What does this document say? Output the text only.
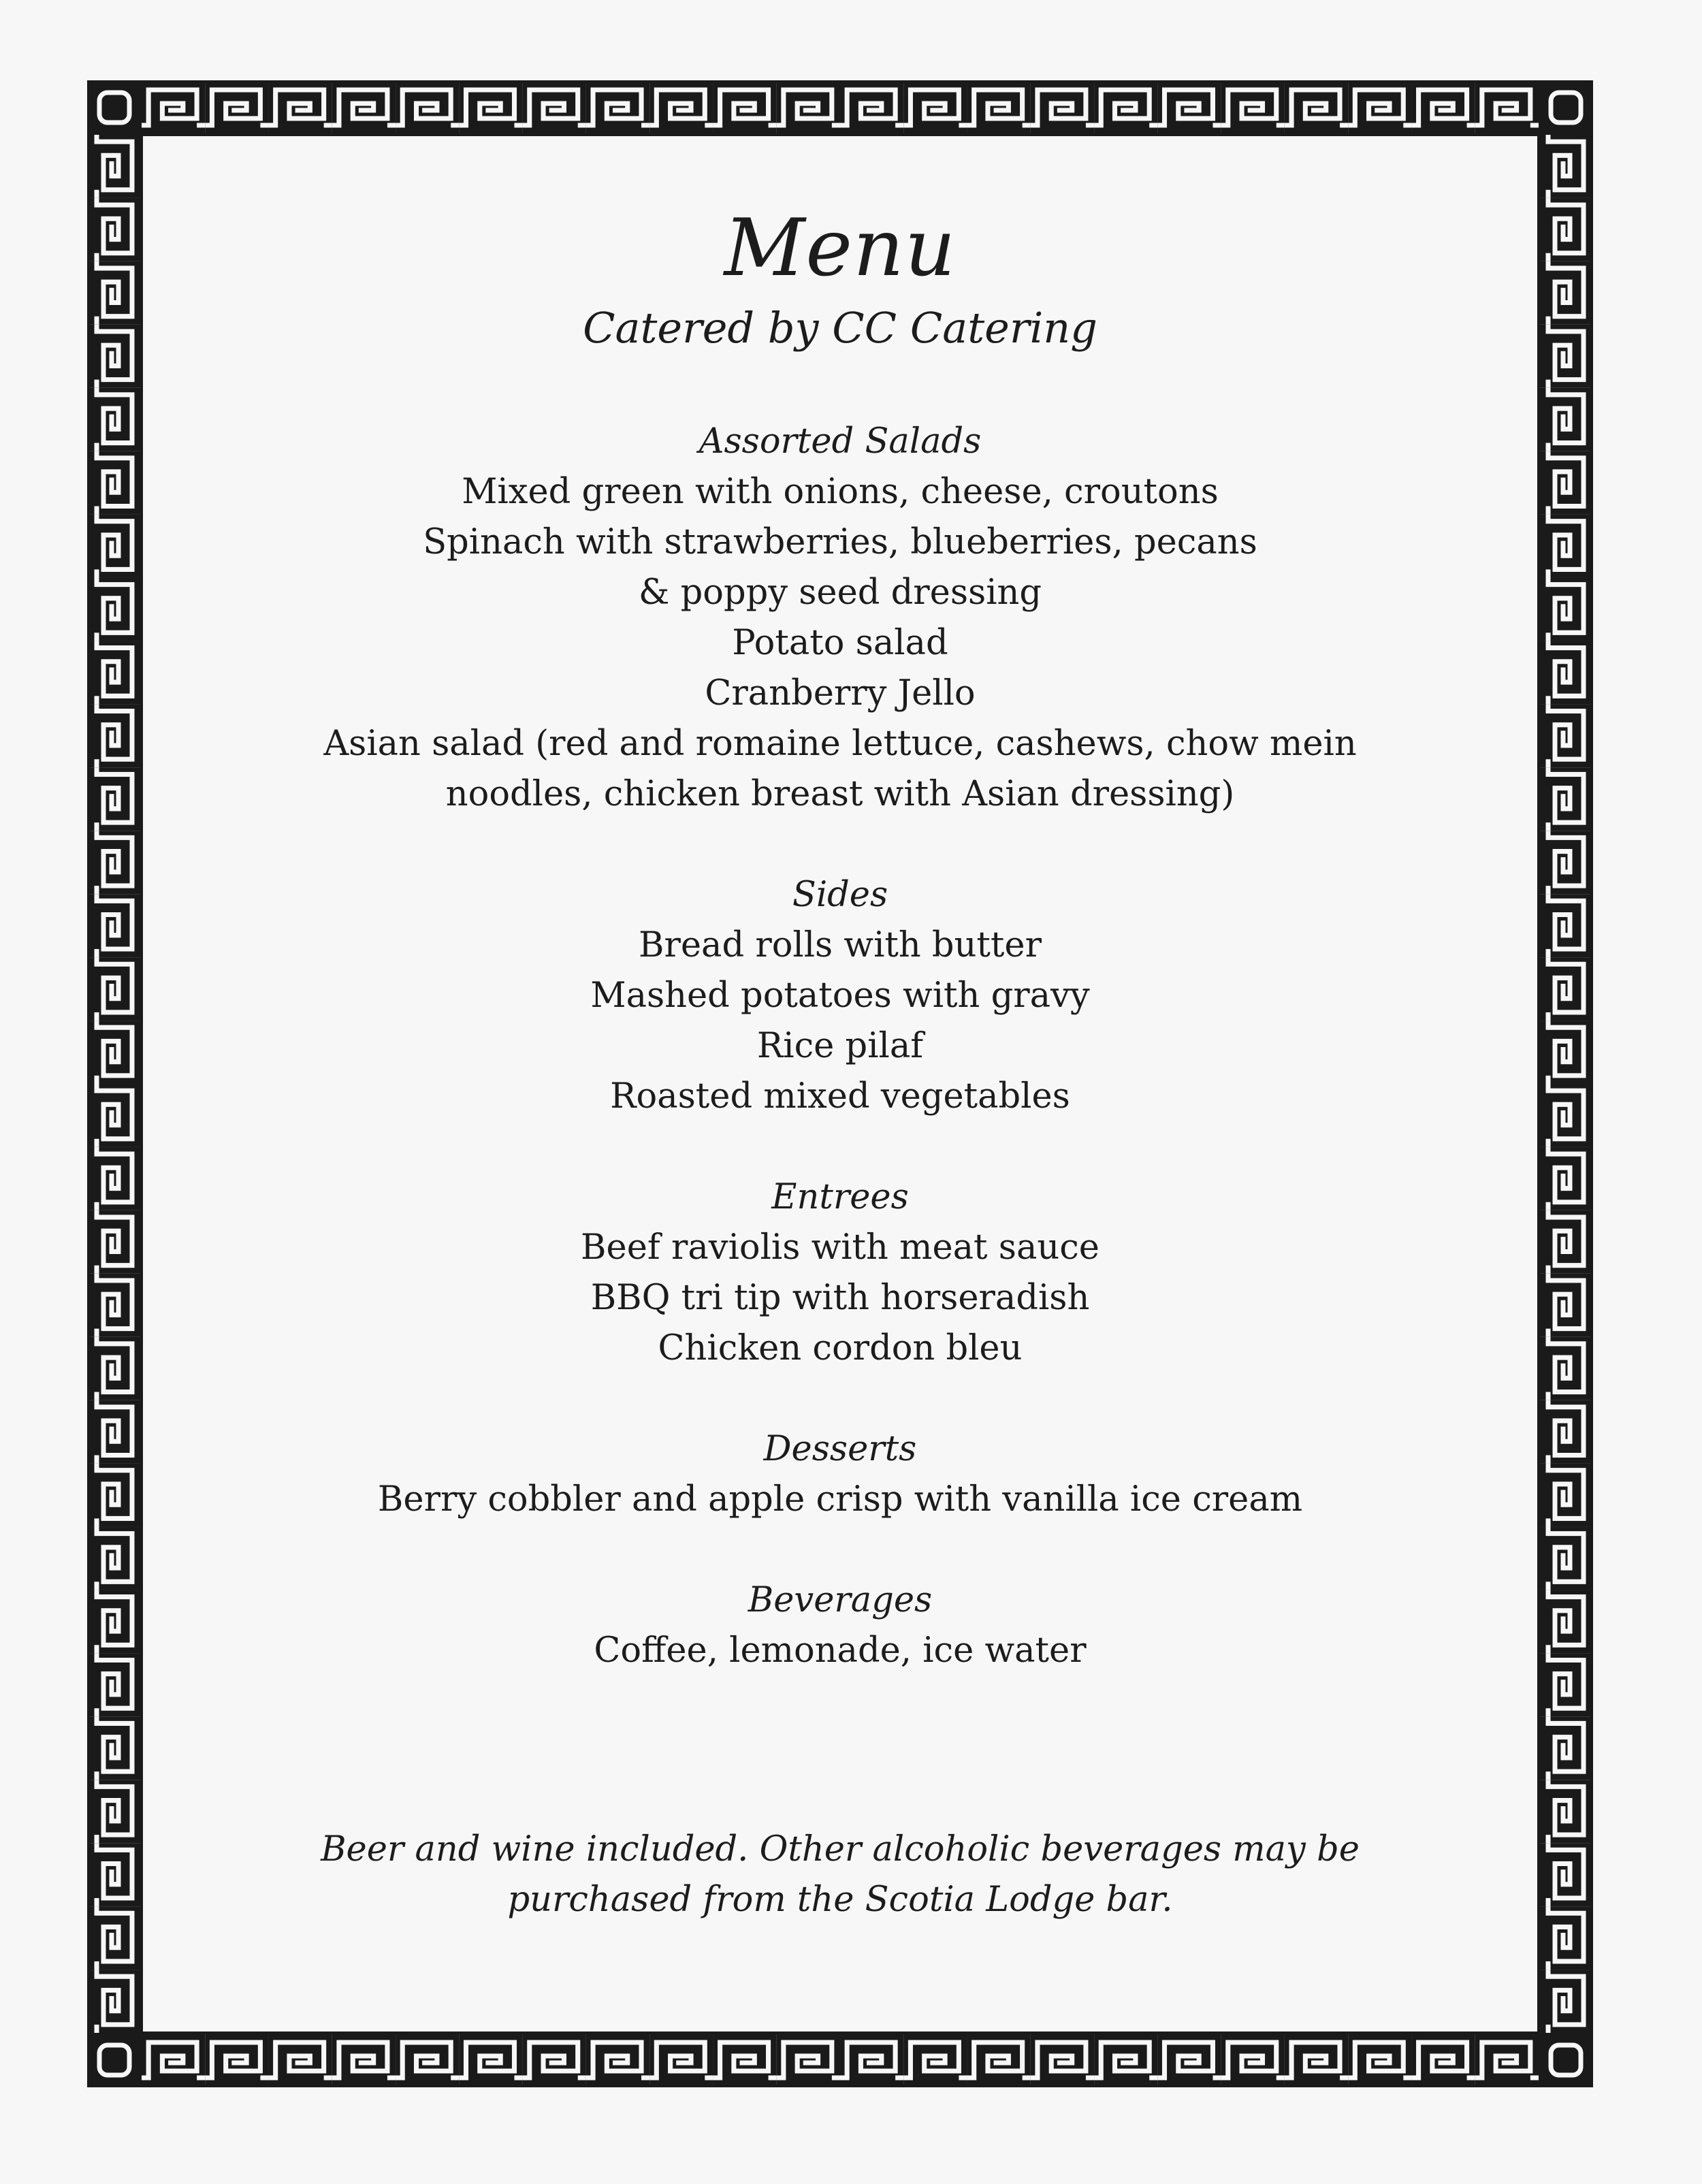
Menu
Catered by CC Catering
Assorted Salads
Mixed green with onions, cheese, croutons
Spinach with strawberries, blueberries, pecans
& poppy seed dressing
Potato salad
Cranberry Jello
Asian salad (red and romaine lettuce, cashews, chow mein
noodles, chicken breast with Asian dressing)
Sides
Bread rolls with butter
Mashed potatoes with gravy
Rice pilaf
Roasted mixed vegetables
Entrees
Beef raviolis with meat sauce
BBQ tri tip with horseradish
Chicken cordon bleu
Desserts
Berry cobbler and apple crisp with vanilla ice cream
Beverages
Coffee, lemonade, ice water
Beer and wine included. Other alcoholic beverages may be
purchased from the Scotia Lodge bar.
